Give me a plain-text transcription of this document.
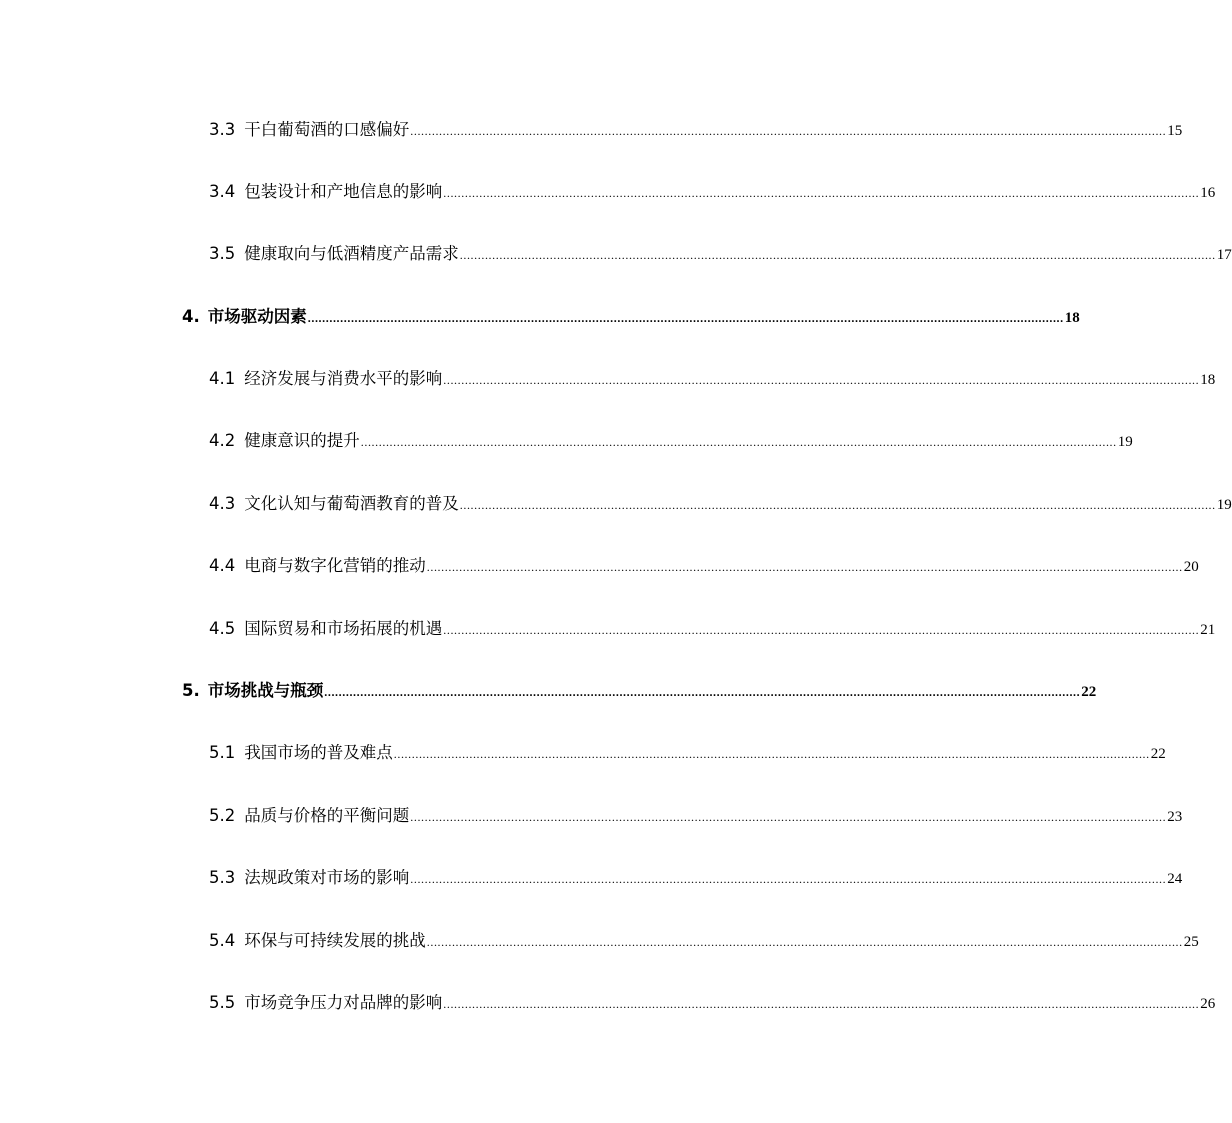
3.3 干白葡萄酒的口感偏好 .................................................................................................................................................................................................................. 15
3.4 包装设计和产地信息的影响 .................................................................................................................................................................................................................. 16
3.5 健康取向与低酒精度产品需求 .................................................................................................................................................................................................................. 17
4. 市场驱动因素 .................................................................................................................................................................................................................. 18
4.1 经济发展与消费水平的影响 .................................................................................................................................................................................................................. 18
4.2 健康意识的提升 .................................................................................................................................................................................................................. 19
4.3 文化认知与葡萄酒教育的普及 .................................................................................................................................................................................................................. 19
4.4 电商与数字化营销的推动 .................................................................................................................................................................................................................. 20
4.5 国际贸易和市场拓展的机遇 .................................................................................................................................................................................................................. 21
5. 市场挑战与瓶颈 .................................................................................................................................................................................................................. 22
5.1 我国市场的普及难点 .................................................................................................................................................................................................................. 22
5.2 品质与价格的平衡问题 .................................................................................................................................................................................................................. 23
5.3 法规政策对市场的影响 .................................................................................................................................................................................................................. 24
5.4 环保与可持续发展的挑战 .................................................................................................................................................................................................................. 25
5.5 市场竞争压力对品牌的影响 .................................................................................................................................................................................................................. 26
